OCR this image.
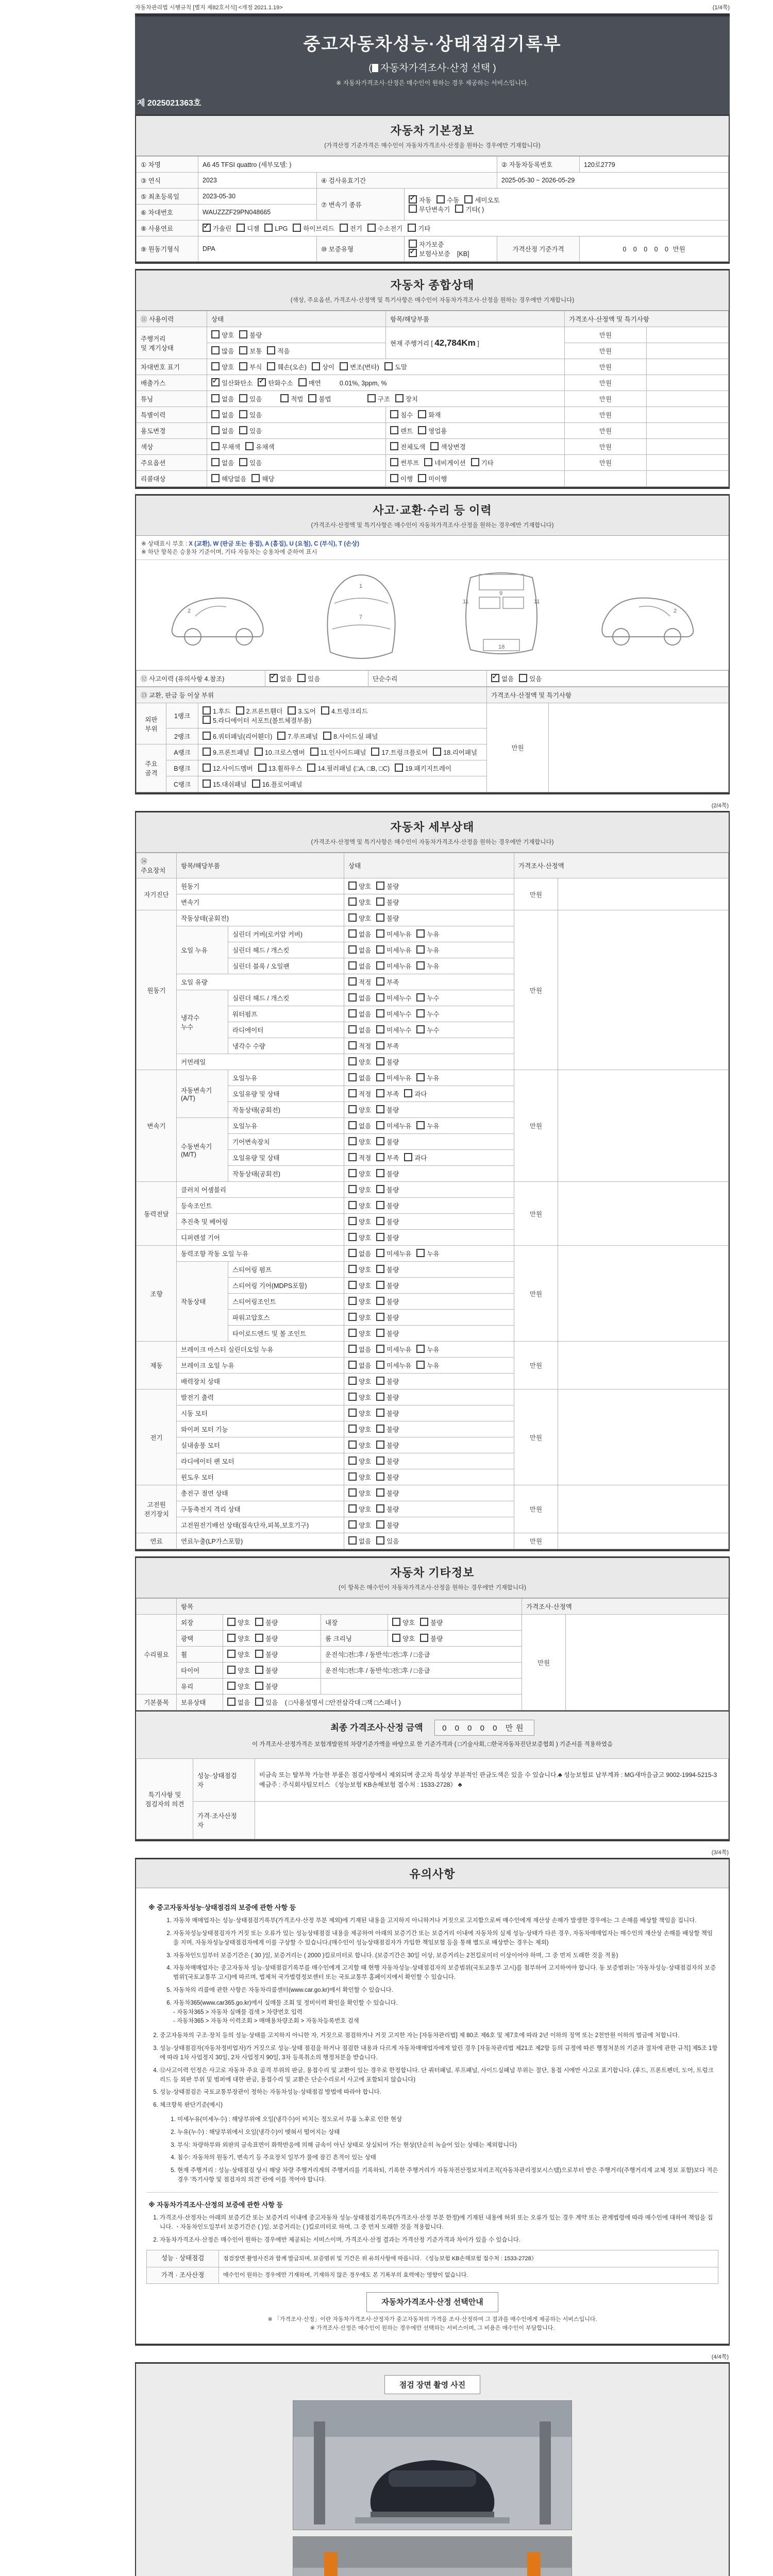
자동차관리법 시행규칙 [별지 제82호서식] <개정 2021.1.19>	(1/4쪽)
중고자동차성능·상태점검기록부
( 자동차가격조사·산정 선택 )
※ 자동차가격조사·산정은 매수인이 원하는 경우 제공하는 서비스입니다.
제 2025021363호
자동차 기본정보
(가격산정 기준가격은 매수인이 자동차가격조사·산정을 원하는 경우에만 기재합니다)
① 차명	A6 45 TFSI quattro (세부모델: )			② 자동차등록번호	120로2779
③ 연식	2023	④ 검사유효기간		2025-05-30 ~ 2026-05-29	
⑤ 최초등록일	2023-05-30	⑦ 변속기 종류	✓자동 수동 세미오토
무단변속기 기타( )
⑥ 차대번호	WAUZZZF29PN048665				
⑧ 사용연료	✓가솔린 디젤 LPG 하이브리드 전기 수소전기 기타
⑨ 원동기형식	DPA	⑩ 보증유형	자가보증✓보험사보증 [KB]	가격산정 기준가격	0 0 0 0 0 만원
자동차 종합상태
(색상, 주요옵션, 가격조사·산정액 및 특기사항은 매수인이 자동차가격조사·산정을 원하는 경우에만 기재합니다)
⑪ 사용이력	상태	항목/해당부품	가격조사·산정액 및 특기사항	
주행거리
및 계기상태	양호 불량	현재 주행거리 [ 42,784Km ]	만원	
	많음 보통 적음		만원	
차대번호 표기	양호 부식 훼손(오손) 상이 변조(변타) 도말		만원	
배출가스	✓일산화탄소 ✓ 탄화수소 매연 0.01%, 3ppm, %		만원	
튜닝	없음 있음 적법 불법 구조 장치		만원	
특별이력	없음 있음	침수 화재	만원	
용도변경	없음 있음	렌트 영업용	만원	
색상	무채색 유채색	전체도색 색상변경	만원	
주요옵션	없음 있음	썬루프 네비게이션 기타	만원	
리콜대상	해당없음 해당	이행 미이행		
사고·교환·수리 등 이력
(가격조사·산정액 및 특기사항은 매수인이 자동차가격조사·산정을 원하는 경우에만 기재합니다)
※ 상태표시 부호 : X (교환), W (판금 또는 용접), A (흠집), U (요철), C (부식), T (손상)
※ 하단 항목은 승용차 기준이며, 기타 자동차는 승용차에 준하여 표시
2
1
7
11	11
9
18
2
⑫ 사고이력 (유의사항 4.참조)	✓없음 있음	단순수리	✓없음 있음
⑬ 교환, 판금 등 이상 부위			가격조사·산정액 및 특기사항	
외판
부위	1랭크	1.후드 2.프론트휀더 3.도어 4.트렁크리드5.라디에이터 서포트(볼트체결부품)	만원	
	2랭크	6.쿼터패널(리어휀더) 7.루프패널 8.사이드실 패널		
주요
골격	A랭크	9.프론트패널 10.크로스멤버 11.인사이드패널 17.트렁크플로어 18.리어패널		
	B랭크	12.사이드멤버 13.휠하우스 14.필러패널 (□A, □B, □C) 19.패키지트레이		
	C랭크	15.대쉬패널 16.플로어패널		
(2/4쪽)
자동차 세부상태
(가격조사·산정액 및 특기사항은 매수인이 자동차가격조사·산정을 원하는 경우에만 기재합니다)
⑭ 주요장치	항목/해당부품		상태	가격조사·산정액	
자기진단	원동기		양호 불량	만원	
	변속기		양호 불량		
원동기	작동상태(공회전)		양호 불량	만원	
	오일 누유	실린더 커버(로커암 커버)	없음 미세누유 누유		
		실린더 헤드 / 개스킷	없음 미세누유 누유		
		실린더 블록 / 오일팬	없음 미세누유 누유		
	오일 유량		적정 부족		
	냉각수
누수	실린더 헤드 / 개스킷	없음 미세누수 누수		
		워터펌프	없음 미세누수 누수		
		라디에이터	없음 미세누수 누수		
		냉각수 수량	적정 부족		
	커먼레일		양호 불량		
변속기	자동변속기
(A/T)	오일누유	없음 미세누유 누유	만원	
		오일유량 및 상태	적정 부족 과다		
		작동상태(공회전)	양호 불량		
	수동변속기
(M/T)	오일누유	없음 미세누유 누유		
		기어변속장치	양호 불량		
		오일유량 및 상태	적정 부족 과다		
		작동상태(공회전)	양호 불량		
동력전달	클러치 어셈블리		양호 불량	만원	
	등속조인트		양호 불량		
	추진축 및 베어링		양호 불량		
	디퍼렌셜 기어		양호 불량		
조향	동력조향 작동 오일 누유		없음 미세누유 누유	만원	
	작동상태	스티어링 펌프	양호 불량		
		스티어링 기어(MDPS포함)	양호 불량		
		스티어링조인트	양호 불량		
		파워고압호스	양호 불량		
		타이로드엔드 및 볼 조인트	양호 불량		
제동	브레이크 마스터 실린더오일 누유		없음 미세누유 누유	만원	
	브레이크 오일 누유		없음 미세누유 누유		
	배력장치 상태		양호 불량		
전기	발전기 출력		양호 불량	만원	
	시동 모터		양호 불량		
	와이퍼 모터 기능		양호 불량		
	실내송풍 모터		양호 불량		
	라디에이터 팬 모터		양호 불량		
	윈도우 모터		양호 불량		
고전원
전기장치	충전구 절연 상태		양호 불량	만원	
	구동축전지 격리 상태		양호 불량		
	고전원전기배선 상태(접속단자,피복,보호기구)		양호 불량		
연료	연료누출(LP가스포함)		없음 있음	만원	
자동차 기타정보
(이 항목은 매수인이 자동차가격조사·산정을 원하는 경우에만 기재합니다)
	항목				가격조사·산정액	
수리필요	외장	양호 불량	내장	양호 불량	만원	
	광택	양호 불량	룸 크리닝	양호 불량		
	휠	양호 불량	운전석□전□후 / 동반석□전□후 / □응급			
	타이어	양호 불량	운전석□전□후 / 동반석□전□후 / □응급			
	유리	양호 불량				
기본품목	보유상태	없음 있음 ( □사용설명서 □안전삼각대 □잭 □스패너 )				
최종 가격조사·산정 금액 0 0 0 0 0 만원
이 가격조사·산정가격은 보험개발원의 차량기준가액을 바탕으로 한 기준가격과 ( □기술사회, □한국자동차진단보증협회 ) 기준서를 적용하였음
특기사항 및
점검자의 의견	성능·상태점검
자	비금속 또는 탈부착 가능한 부품은 점검사항에서 제외되며 중고차 특성상 부분적인 판금도색은 있을 수 있습니다.♣ 성능보험료 납부계좌 : MG새마을금고 9002-1994-5215-3 예금주 : 주식회사팀모터스 《성능보험 KB손해보험 접수처 : 1533-2728》 ♣
	가격·조사산정
자	
(3/4쪽)
유의사항
※ 중고자동차성능·상태점검의 보증에 관한 사항 등
1. 자동차 매매업자는 성능·상태점검기록부(가격조사·산정 부분 제외)에 기재된 내용을 고지하지 아니하거나 거짓으로 고지함으로써 매수인에게 재산상 손해가 발생한 경우에는 그 손해를 배상할 책임을 집니다.
2. 자동차성능상태점검자가 거짓 또는 오류가 있는 성능상태점검 내용을 제공하여 아래의 보증기간 또는 보증거리 이내에 자동차의 실제 성능·상태가 다른 경우, 자동차매매업자는 매수인의 재산상 손해를 배상할 책임을 지며, 자동차성능상태점검자에게 이를 구상할 수 있습니다.(매수인이 성능상태점검자가 가입한 책임보험 등을 통해 별도로 배상받는 경우는 제외)
3. 자동차인도일부터 보증기간은 ( 30 )일, 보증거리는 ( 2000 )킬로미터로 합니다. (보증기간은 30일 이상, 보증거리는 2천킬로미터 이상이어야 하며, 그 중 먼저 도래한 것을 적용)
4. 자동차매매업자는 중고자동차 성능·상태점검기록부를 매수인에게 고지할 때 현행 자동차성능·상태점검자의 보증범위(국토교통부 고시)를 첨부하여 고지하여야 합니다. 동 보증범위는 '자동차성능·상태점검자의 보증범위'(국토교통부 고시)에 따르며, 법제처 국가법령정보센터 또는 국토교통부 홈페이지에서 확인할 수 있습니다.
5. 자동차의 리콜에 관한 사항은 자동차리콜센터(www.car.go.kr)에서 확인할 수 있습니다.
6. 자동차365(www.car365.go.kr)에서 실매물 조회 및 정비이력 확인을 확인할 수 있습니다.
- 자동차365 > 자동차 실매물 검색 > 차량번호 입력
- 자동차365 > 자동차 이력조회 > 매매용차량조회 > 자동차등록번호 검색
2. 중고자동차의 구조·장치 등의 성능·상태를 고지하지 아니한 자, 거짓으로 점검하거나 거짓 고지한 자는 [자동차관리법] 제 80조 제6호 및 제7호에 따라 2년 이하의 징역 또는 2천만원 이하의 벌금에 처합니다.
3. 성능·상태점검자(자동차정비업자)가 거짓으로 성능·상태 점검을 하거나 점검한 내용과 다르게 자동차매매업자에게 알린 경우 [자동차관리법 제21조 제2항 등의 규정에 따른 행정처분의 기준과 절차에 관한 규칙] 제5조 1항에 따라 1차 사업정지 30일, 2차 사업정지 90일, 3차 등록취소의 행정처분을 받습니다.
4. ⑫사고이력 인정은 사고로 자동차 주요 골격 부위의 판금, 용접수리 및 교환이 있는 경우로 한정합니다. 단 쿼터패널, 루프패널, 사이드실패널 부위는 절단, 용접 시에만 사고로 표기합니다. (후드, 프론트펜더, 도어, 트렁크리드 등 외판 부위 및 범퍼에 대한 판금, 용접수리 및 교환은 단순수리로서 사고에 포함되지 않습니다)
5. 성능·상태점검은 국토교통부장관이 정하는 자동차성능·상태점검 방법에 따라야 합니다.
6. 체크항목 판단기준(예시)
1. 미세누유(미세누수) : 해당부위에 오일(냉각수)이 비치는 정도로서 부품 노후로 인한 현상
2. 누유(누수) : 해당부위에서 오일(냉각수)이 맺혀서 떨어지는 상태
3. 부식: 차량하부와 외판의 금속표면이 화학반응에 의해 금속이 아닌 상태로 상실되어 가는 현상(단순히 녹슬어 있는 상태는 제외합니다)
4. 침수: 자동차의 원동기, 변속기 등 주요장치 일부가 물에 잠긴 흔적이 있는 상태
5. 현재 주행거리 : 성능·상태점검 당시 해당 차량 주행거리계의 주행거리를 기록하되, 기록한 주행거리가 자동차전산정보처리조직(자동차관리정보시스템)으로부터 받은 주행거리(주행거리계 교체 정보 포함)보다 적은 경우 '특기사항 및 점검자의 의견' 란에 이를 적어야 합니다.
※ 자동차가격조사·산정의 보증에 관한 사항 등
1. 가격조사·산정자는 아래의 보증기간 또는 보증거리 이내에 중고자동차 성능·상태점검기록부(가격조사·산정 부분 한정)에 기재된 내용에 허위 또는 오류가 있는 경우 계약 또는 관계법령에 따라 매수인에 대하여 책임을 집니다. ㆍ자동차인도일부터 보증기간은 ( )일, 보증거리는 ( )킬로미터로 하며, 그 중 먼저 도래한 것을 적용합니다.
2. 자동차가격조사·산정은 매수인이 원하는 경우에만 제공되는 서비스이며, 가격조사·산정 결과는 가격산정 기준가격과 차이가 있을 수 있습니다.
성능 · 상태점검	점검장면 촬영사진과 함께 발급되며, 보증범위 및 기간은 위 유의사항에 따릅니다. 《성능보험 KB손해보험 접수처 : 1533-2728》
가격 · 조사산정	매수인이 원하는 경우에만 기재하며, 기재하지 않은 경우에도 본 기록부의 효력에는 영향이 없습니다.
자동차가격조사·산정 선택안내
※ 「가격조사·산정」이란 자동차가격조사·산정자가 중고자동차의 가격을 조사·산정하여 그 결과를 매수인에게 제공하는 서비스입니다.
※ 가격조사·산정은 매수인이 원하는 경우에만 선택하는 서비스이며, 그 비용은 매수인이 부담합니다.
(4/4쪽)
점검 장면 촬영 사진
